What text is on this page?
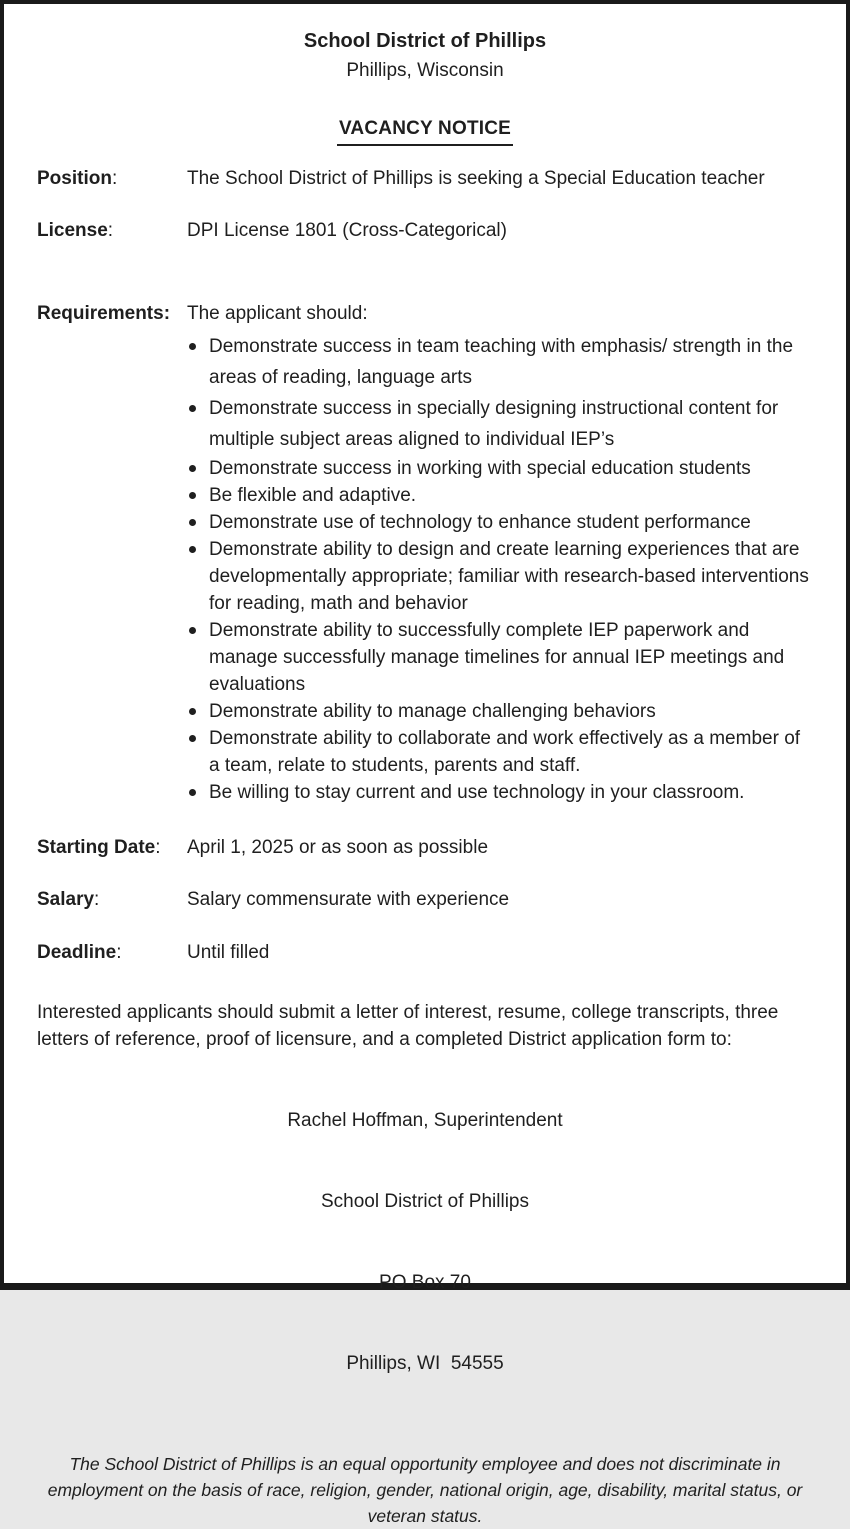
School District of Phillips
Phillips, Wisconsin
VACANCY NOTICE
Position :	The School District of Phillips is seeking a Special Education teacher
License :	DPI License 1801 (Cross-Categorical)
Requirements :	The applicant should:
Demonstrate success in team teaching with emphasis/ strength in the areas of reading, language arts
Demonstrate success in specially designing instructional content for multiple subject areas aligned to individual IEP’s
Demonstrate success in working with special education students
Be flexible and adaptive.
Demonstrate use of technology to enhance student performance
Demonstrate ability to design and create learning experiences that are developmentally appropriate; familiar with research-based interventions for reading, math and behavior
Demonstrate ability to successfully complete IEP paperwork and manage successfully manage timelines for annual IEP meetings and evaluations
Demonstrate ability to manage challenging behaviors
Demonstrate ability to collaborate and work effectively as a member of a team, relate to students, parents and staff.
Be willing to stay current and use technology in your classroom.
Starting Date :	April 1, 2025 or as soon as possible
Salary :	Salary commensurate with experience
Deadline :	Until filled

Interested applicants should submit a letter of interest, resume, college transcripts, three letters of reference, proof of licensure, and a completed District application form to:

Rachel Hoffman, Superintendent

School District of Phillips

PO Box 70

Phillips, WI  54555

The School District of Phillips is an equal opportunity employee and does not discriminate in employment on the basis of race, religion, gender, national origin, age, disability, marital status, or veteran status.
